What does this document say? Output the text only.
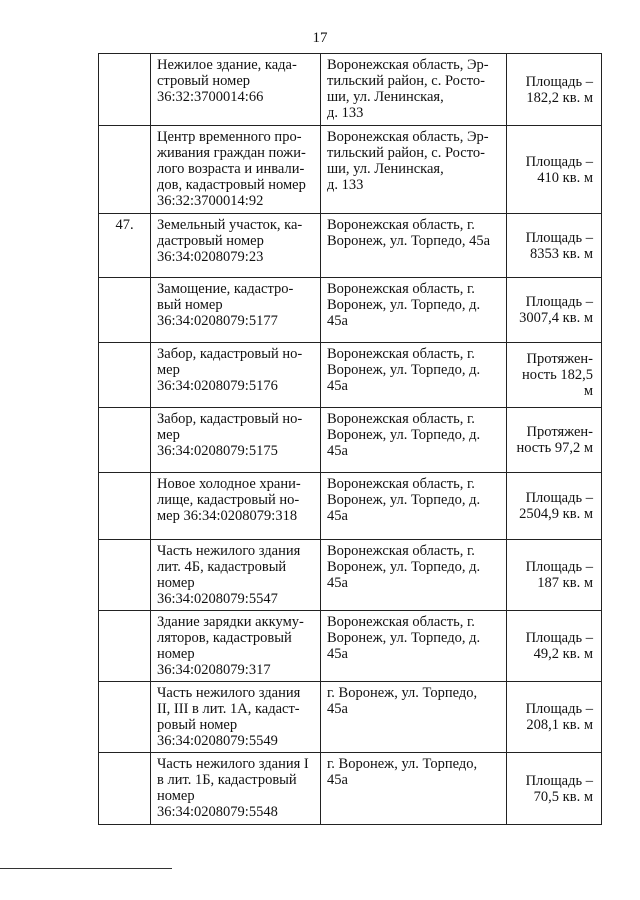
17
	Нежилое здание, када-
стровый номер
36:32:3700014:66	Воронежская область, Эр-
тильский район, с. Росто-
ши, ул. Ленинская,
д. 133	Площадь –
182,2 кв. м
	Центр временного про-
живания граждан пожи-
лого возраста и инвали-
дов, кадастровый номер
36:32:3700014:92	Воронежская область, Эр-
тильский район, с. Росто-
ши, ул. Ленинская,
д. 133	Площадь –
410 кв. м
47.	Земельный участок, ка-
дастровый номер
36:34:0208079:23	Воронежская область, г.
Воронеж, ул. Торпедо, 45а	Площадь –
8353 кв. м
	Замощение, кадастро-
вый номер
36:34:0208079:5177	Воронежская область, г.
Воронеж, ул. Торпедо, д.
45а	Площадь –
3007,4 кв. м
	Забор, кадастровый но-
мер
36:34:0208079:5176	Воронежская область, г.
Воронеж, ул. Торпедо, д.
45а	Протяжен-
ность 182,5 м
	Забор, кадастровый но-
мер
36:34:0208079:5175	Воронежская область, г.
Воронеж, ул. Торпедо, д.
45а	Протяжен-
ность 97,2 м
	Новое холодное храни-
лище, кадастровый но-
мер 36:34:0208079:318	Воронежская область, г.
Воронеж, ул. Торпедо, д.
45а	Площадь –
2504,9 кв. м
	Часть нежилого здания
лит. 4Б, кадастровый
номер
36:34:0208079:5547	Воронежская область, г.
Воронеж, ул. Торпедо, д.
45а	Площадь –
187 кв. м
	Здание зарядки аккуму-
ляторов, кадастровый
номер
36:34:0208079:317	Воронежская область, г.
Воронеж, ул. Торпедо, д.
45а	Площадь –
49,2 кв. м
	Часть нежилого здания
II, III в лит. 1А, кадаст-
ровый номер
36:34:0208079:5549	г. Воронеж, ул. Торпедо,
45а	Площадь –
208,1 кв. м
	Часть нежилого здания I
в лит. 1Б, кадастровый
номер
36:34:0208079:5548	г. Воронеж, ул. Торпедо,
45а	Площадь –
70,5 кв. м
